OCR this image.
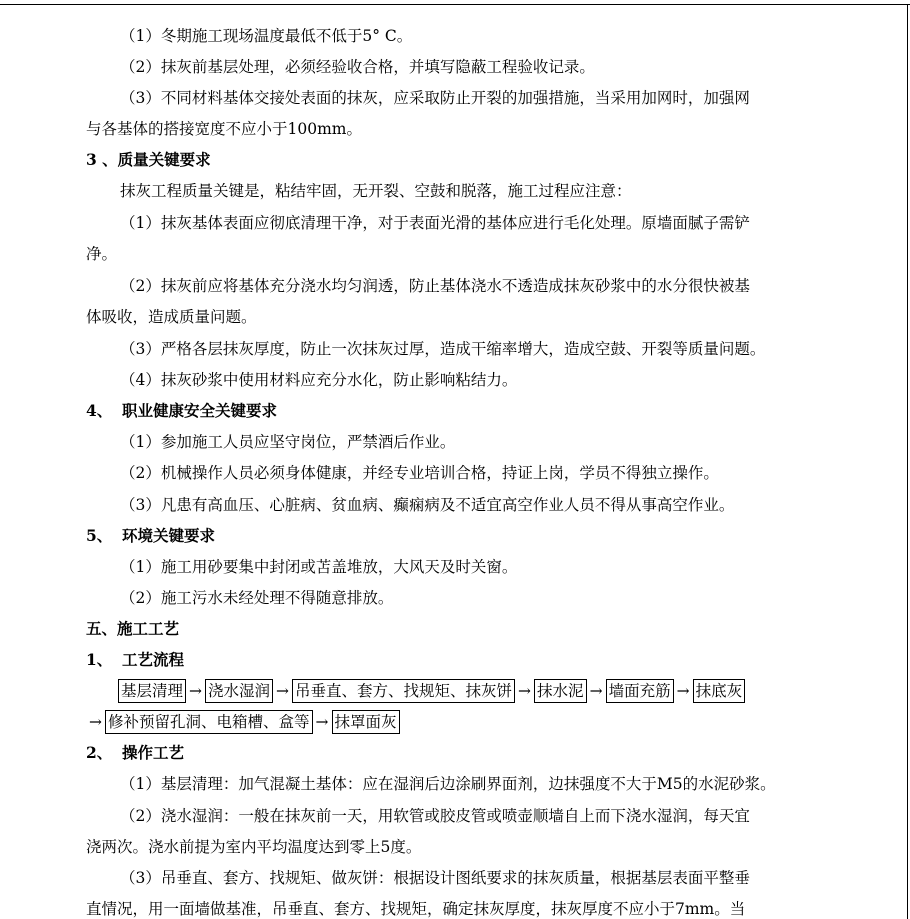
（1）冬期施工现场温度最低不低于5° C。
（2）抹灰前基层处理，必须经验收合格，并填写隐蔽工程验收记录。
（3）不同材料基体交接处表面的抹灰，应采取防止开裂的加强措施，当采用加网时，加强网
与各基体的搭接宽度不应小于100mm。
3 、质量关键要求
抹灰工程质量关键是，粘结牢固，无开裂、空鼓和脱落，施工过程应注意：
（1）抹灰基体表面应彻底清理干净，对于表面光滑的基体应进行毛化处理。原墙面腻子需铲
净。
（2）抹灰前应将基体充分浇水均匀润透，防止基体浇水不透造成抹灰砂浆中的水分很快被基
体吸收，造成质量问题。
（3）严格各层抹灰厚度，防止一次抹灰过厚，造成干缩率增大，造成空鼓、开裂等质量问题。
（4）抹灰砂浆中使用材料应充分水化，防止影响粘结力。
4、 职业健康安全关键要求
（1）参加施工人员应坚守岗位，严禁酒后作业。
（2）机械操作人员必须身体健康，并经专业培训合格，持证上岗，学员不得独立操作。
（3）凡患有高血压、心脏病、贫血病、癫痫病及不适宜高空作业人员不得从事高空作业。
5、 环境关键要求
（1）施工用砂要集中封闭或苫盖堆放，大风天及时关窗。
（2）施工污水未经处理不得随意排放。
五、施工工艺
1、 工艺流程
基层清理 → 浇水湿润 → 吊垂直、套方、找规矩、抹灰饼 → 抹水泥 → 墙面充筋 → 抹底灰
→ 修补预留孔洞、电箱槽、盒等 → 抹罩面灰
2、 操作工艺
（1）基层清理：加气混凝土基体：应在湿润后边涂刷界面剂，边抹强度不大于M5的水泥砂浆。
（2）浇水湿润：一般在抹灰前一天，用软管或胶皮管或喷壶顺墙自上而下浇水湿润，每天宜
浇两次。浇水前提为室内平均温度达到零上5度。
（3）吊垂直、套方、找规矩、做灰饼：根据设计图纸要求的抹灰质量，根据基层表面平整垂
直情况，用一面墙做基准，吊垂直、套方、找规矩，确定抹灰厚度，抹灰厚度不应小于7mm。当
